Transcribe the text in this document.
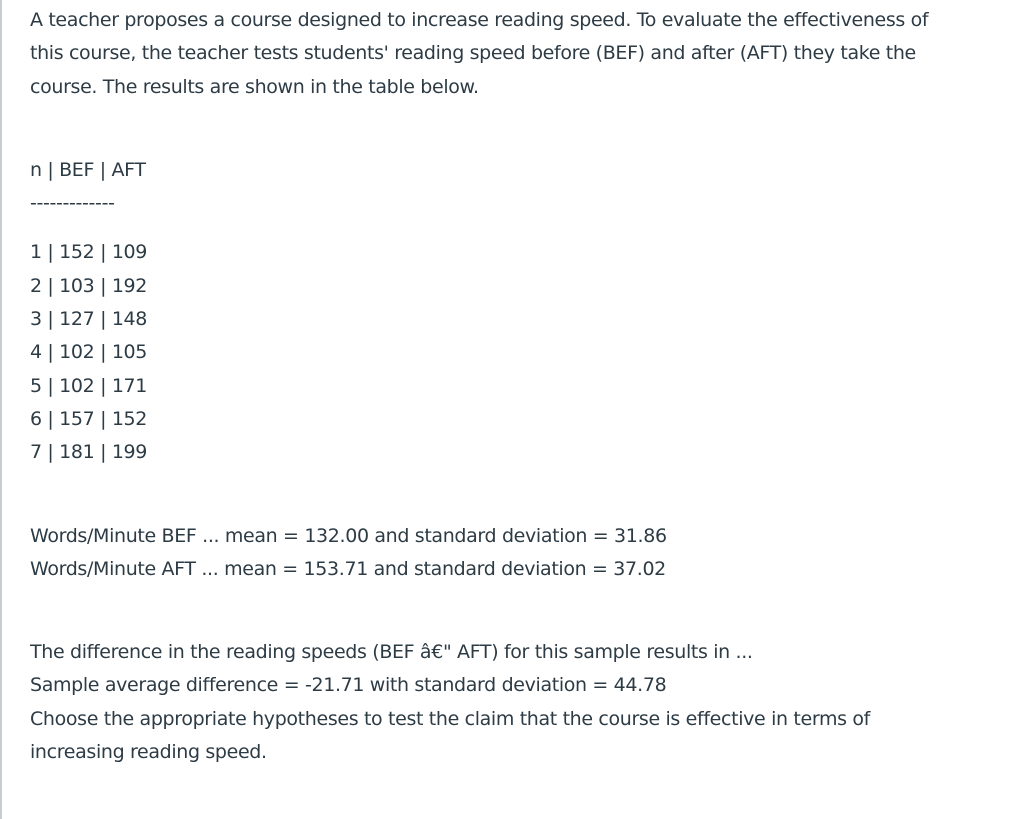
A teacher proposes a course designed to increase reading speed. To evaluate the effectiveness of

this course, the teacher tests students' reading speed before (BEF) and after (AFT) they take the

course. The results are shown in the table below.

n | BEF | AFT

-------------

1 | 152 | 109

2 | 103 | 192

3 | 127 | 148

4 | 102 | 105

5 | 102 | 171

6 | 157 | 152

7 | 181 | 199

Words/Minute BEF ... mean = 132.00 and standard deviation = 31.86

Words/Minute AFT ... mean = 153.71 and standard deviation = 37.02

The difference in the reading speeds (BEF â€" AFT) for this sample results in ...

Sample average difference = -21.71 with standard deviation = 44.78

Choose the appropriate hypotheses to test the claim that the course is effective in terms of

increasing reading speed.
